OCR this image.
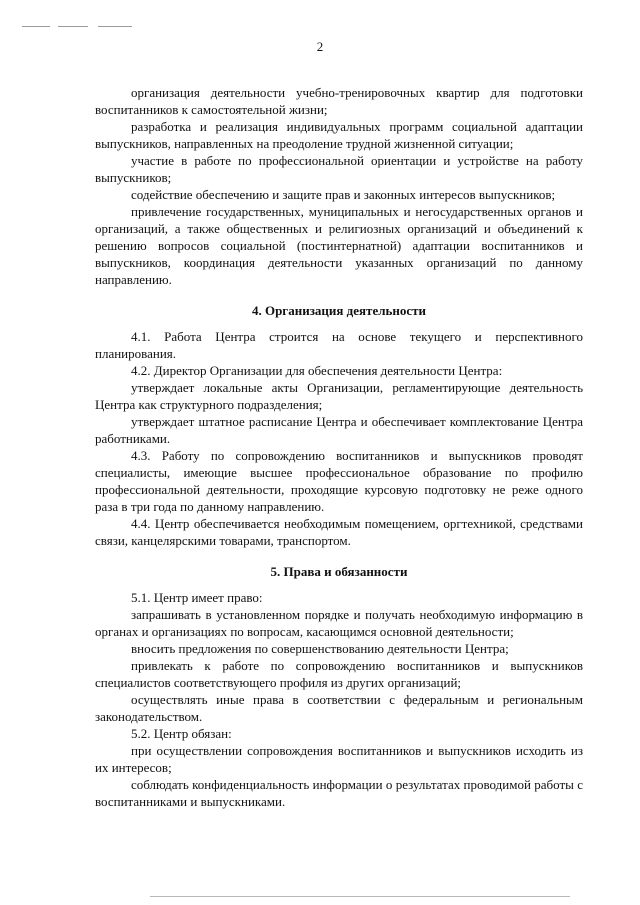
2

организация деятельности учебно-тренировочных квартир для подготовки воспитанников к самостоятельной жизни;

разработка и реализация индивидуальных программ социальной адаптации выпускников, направленных на преодоление трудной жизненной ситуации;

участие в работе по профессиональной ориентации и устройстве на работу выпускников;

содействие обеспечению и защите прав и законных интересов выпускников;

привлечение государственных, муниципальных и негосударственных органов и организаций, а также общественных и религиозных организаций и объединений к решению вопросов социальной (постинтернатной) адаптации воспитанников и выпускников, координация деятельности указанных организаций по данному направлению.

4. Организация деятельности

4.1. Работа Центра строится на основе текущего и перспективного планирования.

4.2. Директор Организации для обеспечения деятельности Центра:

утверждает локальные акты Организации, регламентирующие деятельность Центра как структурного подразделения;

утверждает штатное расписание Центра и обеспечивает комплектование Центра работниками.

4.3. Работу по сопровождению воспитанников и выпускников проводят специалисты, имеющие высшее профессиональное образование по профилю профессиональной деятельности, проходящие курсовую подготовку не реже одного раза в три года по данному направлению.

4.4. Центр обеспечивается необходимым помещением, оргтехникой, средствами связи, канцелярскими товарами, транспортом.

5. Права и обязанности

5.1. Центр имеет право:

запрашивать в установленном порядке и получать необходимую информацию в органах и организациях по вопросам, касающимся основной деятельности;

вносить предложения по совершенствованию деятельности Центра;

привлекать к работе по сопровождению воспитанников и выпускников специалистов соответствующего профиля из других организаций;

осуществлять иные права в соответствии с федеральным и региональным законодательством.

5.2. Центр обязан:

при осуществлении сопровождения воспитанников и выпускников исходить из их интересов;

соблюдать конфиденциальность информации о результатах проводимой работы с воспитанниками и выпускниками.
